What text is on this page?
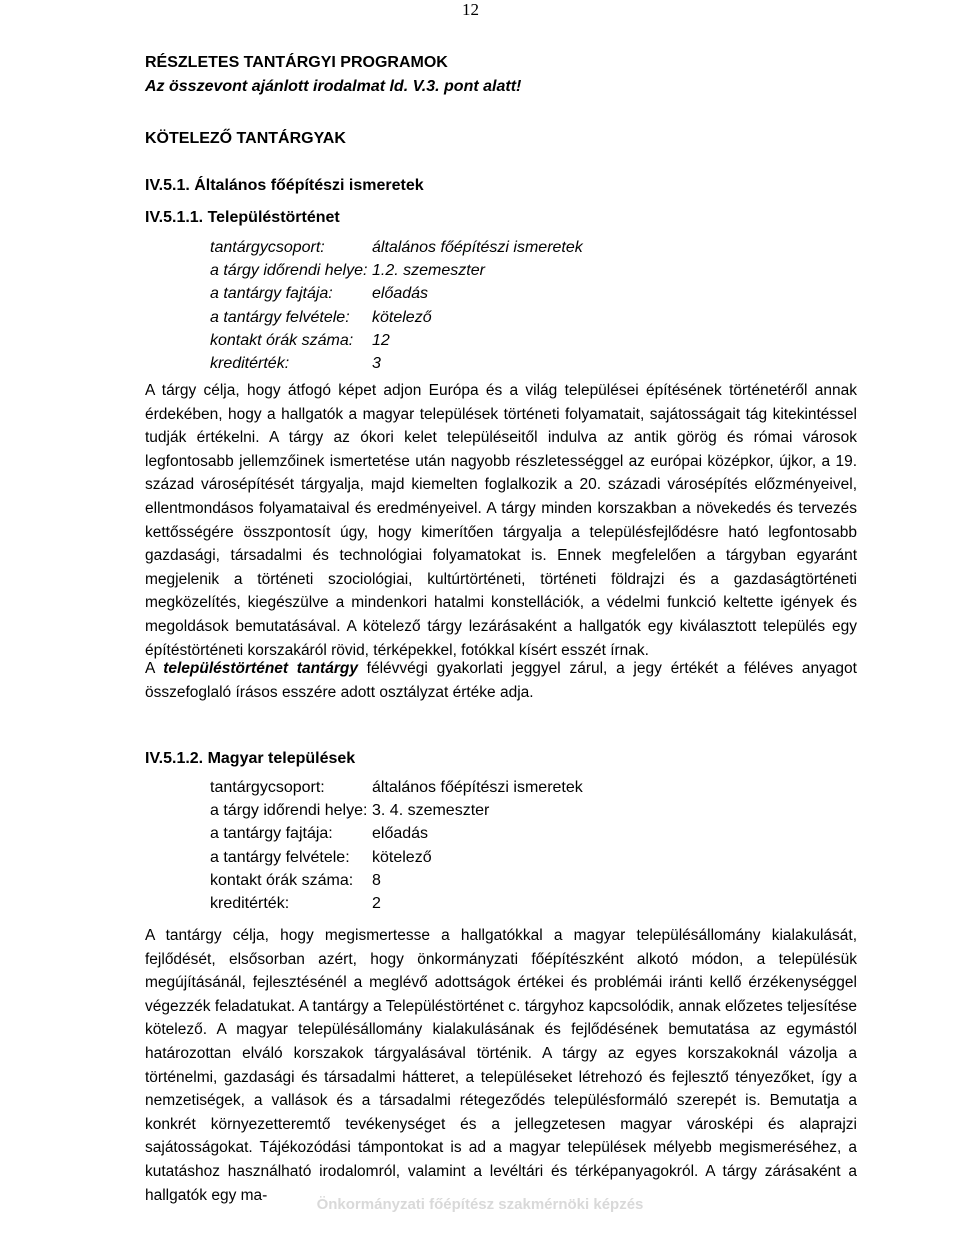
12

RÉSZLETES TANTÁRGYI PROGRAMOK

Az összevont ajánlott irodalmat ld. V.3. pont alatt!

KÖTELEZŐ TANTÁRGYAK

IV.5.1. Általános főépítészi ismeretek

IV.5.1.1. Településtörténet

tantárgycsoport:	általános főépítészi ismeretek
a tárgy időrendi helye: 1.2. szemeszter
a tantárgy fajtája: előadás
a tantárgy felvétele: kötelező
kontakt órák száma: 12
kreditérték:	3

A tárgy célja, hogy átfogó képet adjon Európa és a világ települései építésének történetéről annak érdekében, hogy a hallgatók a magyar települések történeti folyamatait, sajátosságait tág kitekintéssel tudják értékelni. A tárgy az ókori kelet településeitől indulva az antik görög és római városok legfontosabb jellemzőinek ismertetése után nagyobb részletességgel az európai középkor, újkor, a 19. század városépítését tárgyalja, majd kiemelten foglalkozik a 20. századi városépítés előzményeivel, ellentmondásos folyamataival és eredményeivel. A tárgy minden korszakban a növekedés és tervezés kettősségére összpontosít úgy, hogy kimerítően tárgyalja a településfejlődésre ható legfontosabb gazdasági, társadalmi és technológiai folyamatokat is. Ennek megfelelően a tárgyban egyaránt megjelenik a történeti szociológiai, kultúrtörténeti, történeti földrajzi és a gazdaságtörténeti megközelítés, kiegészülve a mindenkori hatalmi konstellációk, a védelmi funkció keltette igények és megoldások bemutatásával. A kötelező tárgy lezárásaként a hallgatók egy kiválasztott település egy építéstörténeti korszakáról rövid, térképekkel, fotókkal kísért esszét írnak.

A településtörténet tantárgy félévvégi gyakorlati jeggyel zárul, a jegy értékét a féléves anyagot összefoglaló írásos esszére adott osztályzat értéke adja.

IV.5.1.2. Magyar települések

tantárgycsoport:	általános főépítészi ismeretek
a tárgy időrendi helye: 3. 4. szemeszter
a tantárgy fajtája: előadás
a tantárgy felvétele: kötelező
kontakt órák száma: 8
kreditérték:	2

A tantárgy célja, hogy megismertesse a hallgatókkal a magyar településállomány kialakulását, fejlődését, elsősorban azért, hogy önkormányzati főépítészként alkotó módon, a településük megújításánál, fejlesztésénél a meglévő adottságok értékei és problémái iránti kellő érzékenységgel végezzék feladatukat. A tantárgy a Településtörténet c. tárgyhoz kapcsolódik, annak előzetes teljesítése kötelező. A magyar településállomány kialakulásának és fejlődésének bemutatása az egymástól határozottan elváló korszakok tárgyalásával történik. A tárgy az egyes korszakoknál vázolja a történelmi, gazdasági és társadalmi hátteret, a településeket létrehozó és fejlesztő tényezőket, így a nemzetiségek, a vallások és a társadalmi rétegeződés településformáló szerepét is. Bemutatja a konkrét környezetteremtő tevékenységet és a jellegzetesen magyar városképi és alaprajzi sajátosságokat. Tájékozódási támpontokat is ad a magyar települések mélyebb megismeréséhez, a kutatáshoz használható irodalomról, valamint a levéltári és térképanyagokról. A tárgy zárásaként a hallgatók egy ma-

Önkormányzati főépítész szakmérnöki képzés
